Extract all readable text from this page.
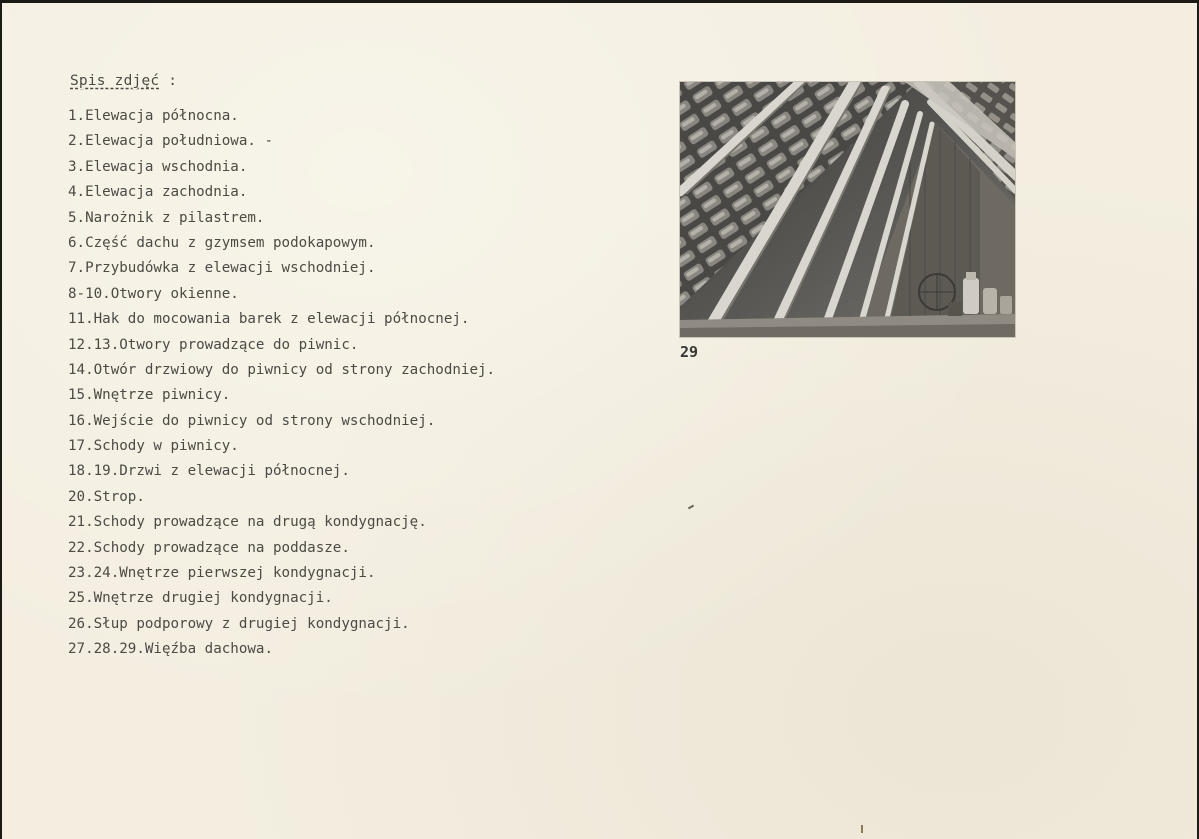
Spis zdjęć :
1.Elewacja północna.
2.Elewacja południowa. -
3.Elewacja wschodnia.
4.Elewacja zachodnia.
5.Narożnik z pilastrem.
6.Część dachu z gzymsem podokapowym.
7.Przybudówka z elewacji wschodniej.
8-10.Otwory okienne.
11.Hak do mocowania barek z elewacji północnej.
12.13.Otwory prowadzące do piwnic.
14.Otwór drzwiowy do piwnicy od strony zachodniej.
15.Wnętrze piwnicy.
16.Wejście do piwnicy od strony wschodniej.
17.Schody w piwnicy.
18.19.Drzwi z elewacji północnej.
20.Strop.
21.Schody prowadzące na drugą kondygnację.
22.Schody prowadzące na poddasze.
23.24.Wnętrze pierwszej kondygnacji.
25.Wnętrze drugiej kondygnacji.
26.Słup podporowy z drugiej kondygnacji.
27.28.29.Więźba dachowa.
29
